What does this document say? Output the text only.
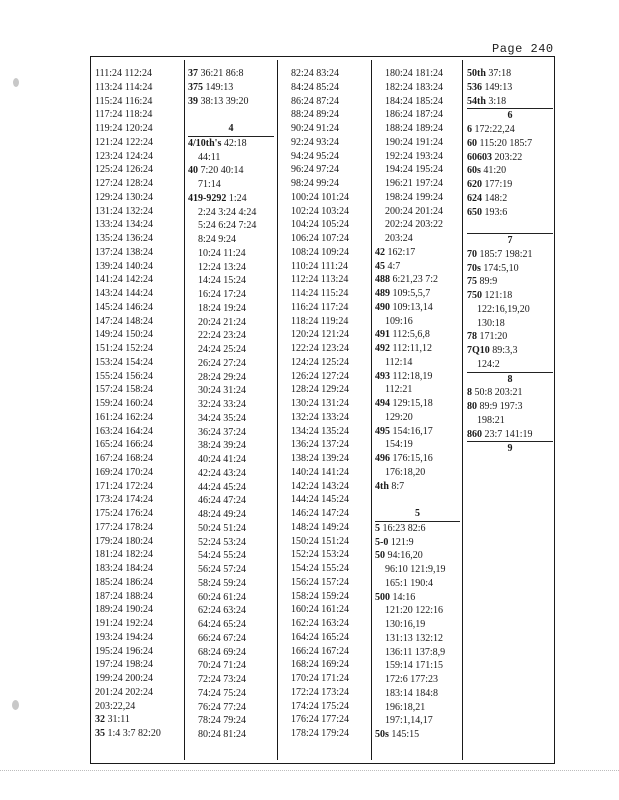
Page 240
111:24 112:24
113:24 114:24
115:24 116:24
117:24 118:24
119:24 120:24
121:24 122:24
123:24 124:24
125:24 126:24
127:24 128:24
129:24 130:24
131:24 132:24
133:24 134:24
135:24 136:24
137:24 138:24
139:24 140:24
141:24 142:24
143:24 144:24
145:24 146:24
147:24 148:24
149:24 150:24
151:24 152:24
153:24 154:24
155:24 156:24
157:24 158:24
159:24 160:24
161:24 162:24
163:24 164:24
165:24 166:24
167:24 168:24
169:24 170:24
171:24 172:24
173:24 174:24
175:24 176:24
177:24 178:24
179:24 180:24
181:24 182:24
183:24 184:24
185:24 186:24
187:24 188:24
189:24 190:24
191:24 192:24
193:24 194:24
195:24 196:24
197:24 198:24
199:24 200:24
201:24 202:24
203:22,24
32 31:11
35 1:4 3:7 82:20
37 36:21 86:8
375 149:13
39 38:13 39:20
4
4/10th's 42:18
44:11
40 7:20 40:14
71:14
419-9292 1:24
2:24 3:24 4:24
5:24 6:24 7:24
8:24 9:24
10:24 11:24
12:24 13:24
14:24 15:24
16:24 17:24
18:24 19:24
20:24 21:24
22:24 23:24
24:24 25:24
26:24 27:24
28:24 29:24
30:24 31:24
32:24 33:24
34:24 35:24
36:24 37:24
38:24 39:24
40:24 41:24
42:24 43:24
44:24 45:24
46:24 47:24
48:24 49:24
50:24 51:24
52:24 53:24
54:24 55:24
56:24 57:24
58:24 59:24
60:24 61:24
62:24 63:24
64:24 65:24
66:24 67:24
68:24 69:24
70:24 71:24
72:24 73:24
74:24 75:24
76:24 77:24
78:24 79:24
80:24 81:24
82:24 83:24
84:24 85:24
86:24 87:24
88:24 89:24
90:24 91:24
92:24 93:24
94:24 95:24
96:24 97:24
98:24 99:24
100:24 101:24
102:24 103:24
104:24 105:24
106:24 107:24
108:24 109:24
110:24 111:24
112:24 113:24
114:24 115:24
116:24 117:24
118:24 119:24
120:24 121:24
122:24 123:24
124:24 125:24
126:24 127:24
128:24 129:24
130:24 131:24
132:24 133:24
134:24 135:24
136:24 137:24
138:24 139:24
140:24 141:24
142:24 143:24
144:24 145:24
146:24 147:24
148:24 149:24
150:24 151:24
152:24 153:24
154:24 155:24
156:24 157:24
158:24 159:24
160:24 161:24
162:24 163:24
164:24 165:24
166:24 167:24
168:24 169:24
170:24 171:24
172:24 173:24
174:24 175:24
176:24 177:24
178:24 179:24
180:24 181:24
182:24 183:24
184:24 185:24
186:24 187:24
188:24 189:24
190:24 191:24
192:24 193:24
194:24 195:24
196:21 197:24
198:24 199:24
200:24 201:24
202:24 203:22
203:24
42 162:17
45 4:7
488 6:21,23 7:2
489 109:5,5,7
490 109:13,14
109:16
491 112:5,6,8
492 112:11,12
112:14
493 112:18,19
112:21
494 129:15,18
129:20
495 154:16,17
154:19
496 176:15,16
176:18,20
4th 8:7
5
5 16:23 82:6
5-0 121:9
50 94:16,20
96:10 121:9,19
165:1 190:4
500 14:16
121:20 122:16
130:16,19
131:13 132:12
136:11 137:8,9
159:14 171:15
172:6 177:23
183:14 184:8
196:18,21
197:1,14,17
50s 145:15
50th 37:18
536 149:13
54th 3:18
6
6 172:22,24
60 115:20 185:7
60603 203:22
60s 41:20
620 177:19
624 148:2
650 193:6
7
70 185:7 198:21
70s 174:5,10
75 89:9
750 121:18
122:16,19,20
130:18
78 171:20
7Q10 89:3,3
124:2
8
8 50:8 203:21
80 89:9 197:3
198:21
860 23:7 141:19
9
